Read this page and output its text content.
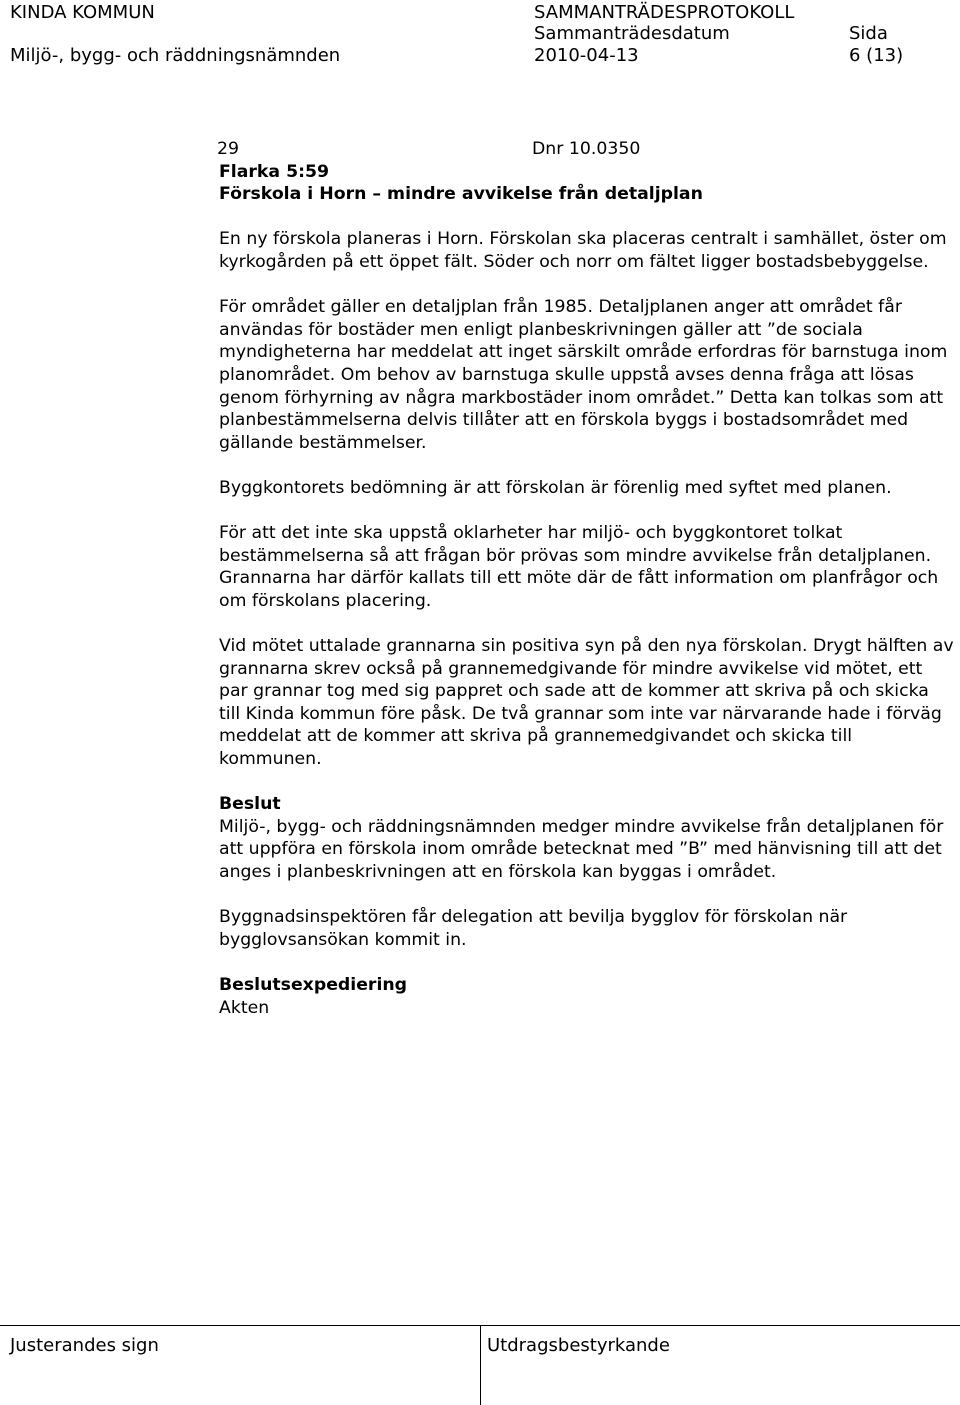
KINDA KOMMUN
Miljö-, bygg- och räddningsnämnden
SAMMANTRÄDESPROTOKOLL
Sammanträdesdatum
2010-04-13
Sida
6 (13)
29	Dnr 10.0350

Flarka 5:59

Förskola i Horn – mindre avvikelse från detaljplan

En ny förskola planeras i Horn. Förskolan ska placeras centralt i samhället, öster om kyrkogården på ett öppet fält. Söder och norr om fältet ligger bostadsbebyggelse.

För området gäller en detaljplan från 1985. Detaljplanen anger att området får användas för bostäder men enligt planbeskrivningen gäller att ”de sociala myndigheterna har meddelat att inget särskilt område erfordras för barnstuga inom planområdet. Om behov av barnstuga skulle uppstå avses denna fråga att lösas genom förhyrning av några markbostäder inom området.” Detta kan tolkas som att planbestämmelserna delvis tillåter att en förskola byggs i bostadsområdet med gällande bestämmelser.

Byggkontorets bedömning är att förskolan är förenlig med syftet med planen.

För att det inte ska uppstå oklarheter har miljö- och byggkontoret tolkat bestämmelserna så att frågan bör prövas som mindre avvikelse från detaljplanen. Grannarna har därför kallats till ett möte där de fått information om planfrågor och om förskolans placering.

Vid mötet uttalade grannarna sin positiva syn på den nya förskolan. Drygt hälften av grannarna skrev också på grannemedgivande för mindre avvikelse vid mötet, ett par grannar tog med sig pappret och sade att de kommer att skriva på och skicka till Kinda kommun före påsk. De två grannar som inte var närvarande hade i förväg meddelat att de kommer att skriva på grannemedgivandet och skicka till kommunen.

Beslut

Miljö-, bygg- och räddningsnämnden medger mindre avvikelse från detaljplanen för att uppföra en förskola inom område betecknat med ”B” med hänvisning till att det anges i planbeskrivningen att en förskola kan byggas i området.

Byggnadsinspektören får delegation att bevilja bygglov för förskolan när bygglovsansökan kommit in.

Beslutsexpediering

Akten

Justerandes sign	Utdragsbestyrkande
